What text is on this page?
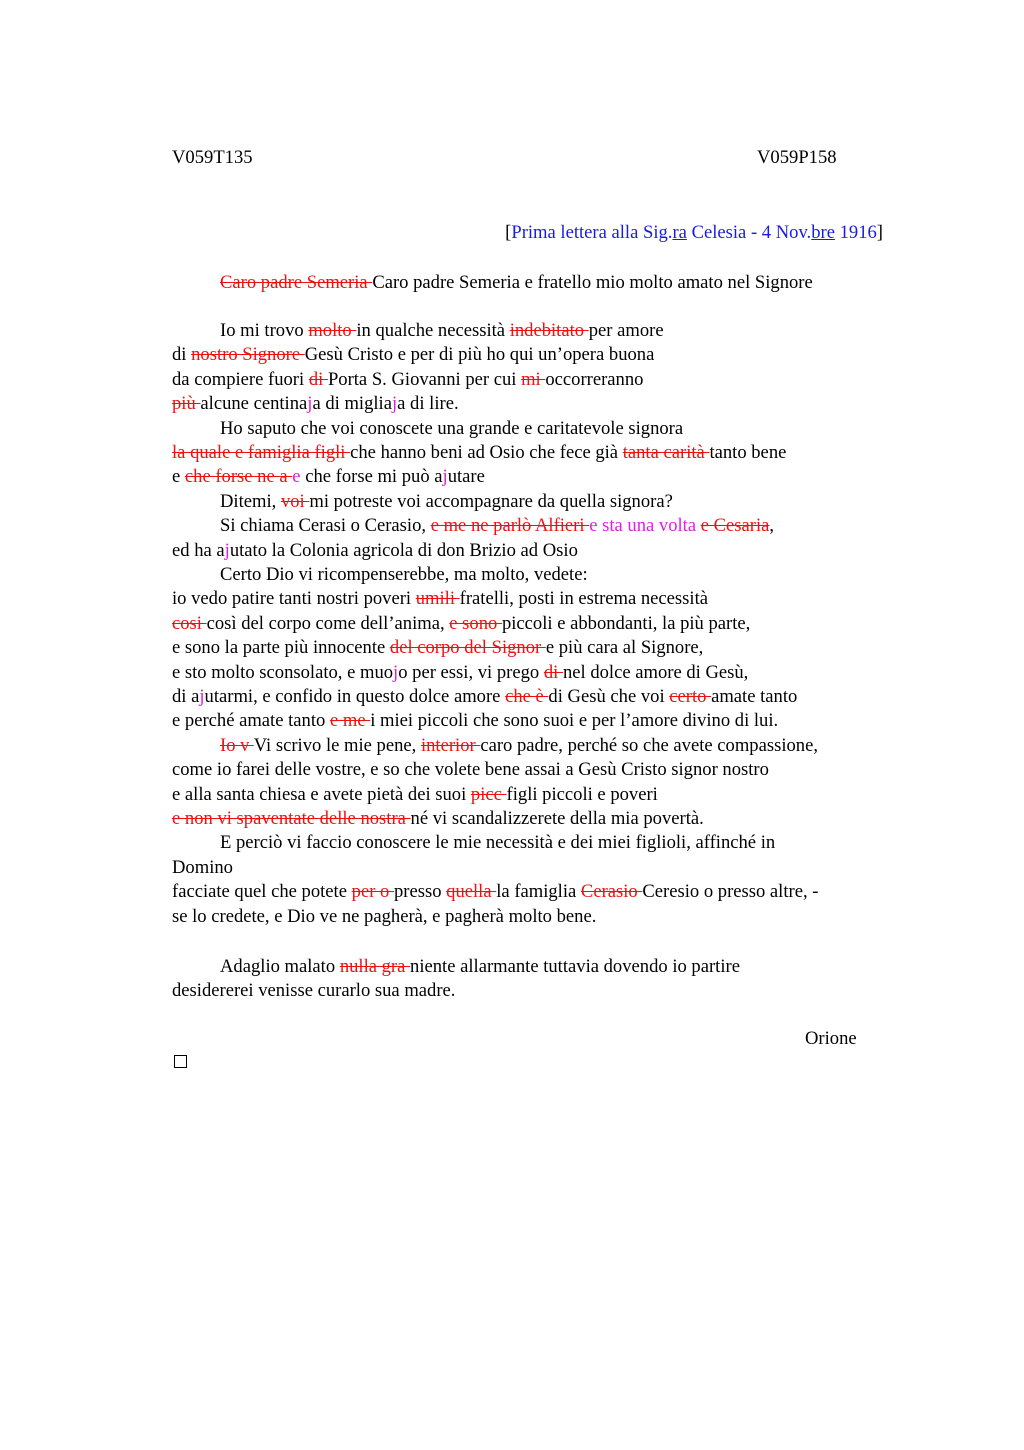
V059T135	V059P158
[Prima lettera alla Sig.ra Celesia - 4 Nov.bre 1916]
Caro padre Semeria Caro padre Semeria e fratello mio molto amato nel Signore
Io mi trovo molto in qualche necessità indebitato per amore
di nostro Signore Gesù Cristo e per di più ho qui un’opera buona
da compiere fuori di Porta S. Giovanni per cui mi occorreranno
più alcune centinaja di migliaja di lire.
Ho saputo che voi conoscete una grande e caritatevole signora
la quale e famiglia figli che hanno beni ad Osio che fece già tanta carità tanto bene
e che forse ne a e che forse mi può ajutare
Ditemi, voi mi potreste voi accompagnare da quella signora?
Si chiama Cerasi o Cerasio, e me ne parlò Alfieri e sta una volta e Cesaria,
ed ha ajutato la Colonia agricola di don Brizio ad Osio
Certo Dio vi ricompenserebbe, ma molto, vedete:
io vedo patire tanti nostri poveri umili fratelli, posti in estrema necessità
cosi così del corpo come dell’anima, e sono piccoli e abbondanti, la più parte,
e sono la parte più innocente del corpo del Signor e più cara al Signore,
e sto molto sconsolato, e muojo per essi, vi prego di nel dolce amore di Gesù,
di ajutarmi, e confido in questo dolce amore che è di Gesù che voi certo amate tanto
e perché amate tanto e me i miei piccoli che sono suoi e per l’amore divino di lui.
Io v Vi scrivo le mie pene, interior caro padre, perché so che avete compassione,
come io farei delle vostre, e so che volete bene assai a Gesù Cristo signor nostro
e alla santa chiesa e avete pietà dei suoi picc figli piccoli e poveri
e non vi spaventate delle nostra né vi scandalizzerete della mia povertà.
E perciò vi faccio conoscere le mie necessità e dei miei figlioli, affinché in
Domino
facciate quel che potete per o presso quella la famiglia Cerasio Ceresio o presso altre, -
se lo credete, e Dio ve ne pagherà, e pagherà molto bene.
Adaglio malato nulla gra niente allarmante tuttavia dovendo io partire
desidererei venisse curarlo sua madre.
Orione
